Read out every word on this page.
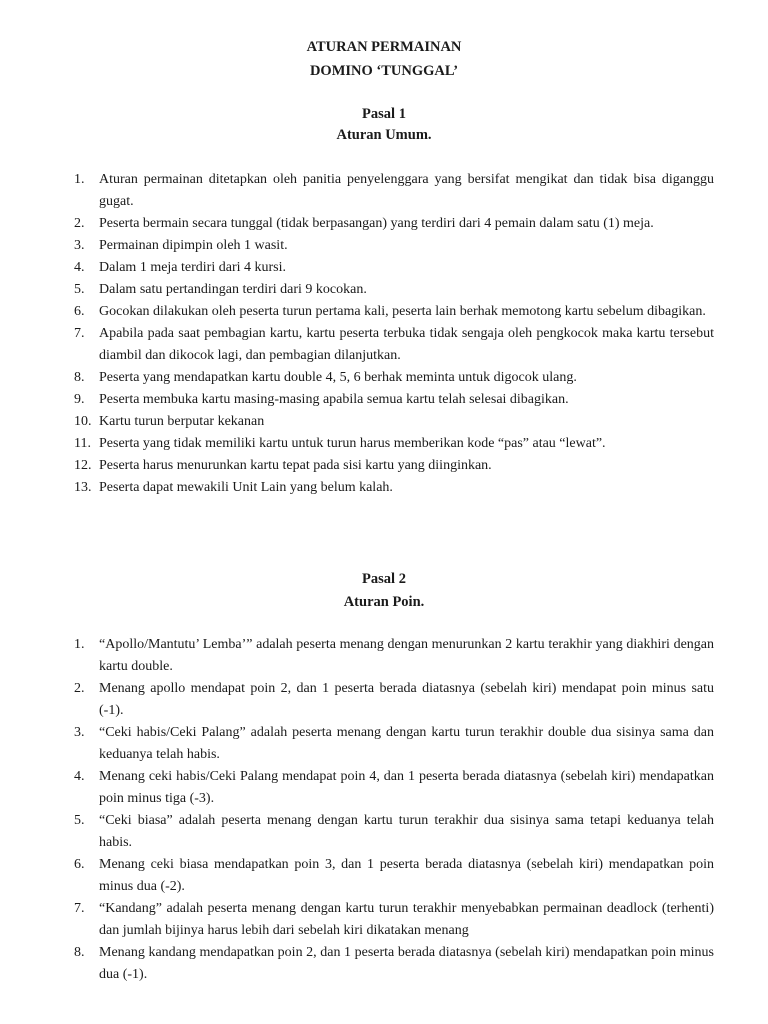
ATURAN PERMAINAN
DOMINO ‘TUNGGAL’
Pasal 1
Aturan Umum.
1.	Aturan permainan ditetapkan oleh panitia penyelenggara yang bersifat mengikat dan tidak bisa diganggu gugat.
2.	Peserta bermain secara tunggal (tidak berpasangan) yang terdiri dari 4 pemain dalam satu (1) meja.
3.	Permainan dipimpin oleh 1 wasit.
4.	Dalam 1 meja terdiri dari 4 kursi.
5.	Dalam satu pertandingan terdiri dari 9 kocokan.
6.	Gocokan dilakukan oleh peserta turun pertama kali, peserta lain berhak memotong kartu sebelum dibagikan.
7.	Apabila pada saat pembagian kartu, kartu peserta terbuka tidak sengaja oleh pengkocok maka kartu tersebut diambil dan dikocok lagi, dan pembagian dilanjutkan.
8.	Peserta yang mendapatkan kartu double 4, 5, 6 berhak meminta untuk digocok ulang.
9.	Peserta membuka kartu masing-masing apabila semua kartu telah selesai dibagikan.
10. Kartu turun berputar kekanan
11. Peserta yang tidak memiliki kartu untuk turun harus memberikan kode “pas” atau “lewat”.
12. Peserta harus menurunkan kartu tepat pada sisi kartu yang diinginkan.
13. Peserta dapat mewakili Unit Lain yang belum kalah.
Pasal 2
Aturan Poin.
1.	“Apollo/Mantutu’ Lemba’” adalah peserta menang dengan menurunkan 2 kartu terakhir yang diakhiri dengan kartu double.
2.	Menang apollo mendapat poin 2, dan 1 peserta berada diatasnya (sebelah kiri) mendapat poin minus satu (-1).
3.	“Ceki habis/Ceki Palang” adalah peserta menang dengan kartu turun terakhir double dua sisinya sama dan keduanya telah habis.
4.	Menang ceki habis/Ceki Palang mendapat poin 4, dan 1 peserta berada diatasnya (sebelah kiri) mendapatkan poin minus tiga (-3).
5.	“Ceki biasa” adalah peserta menang dengan kartu turun terakhir dua sisinya sama tetapi keduanya telah habis.
6.	Menang ceki biasa mendapatkan poin 3, dan 1 peserta berada diatasnya (sebelah kiri) mendapatkan poin minus dua (-2).
7.	“Kandang” adalah peserta menang dengan kartu turun terakhir menyebabkan permainan deadlock (terhenti) dan jumlah bijinya harus lebih dari sebelah kiri dikatakan menang
8.	Menang kandang mendapatkan poin 2, dan 1 peserta berada diatasnya (sebelah kiri) mendapatkan poin minus dua (-1).
